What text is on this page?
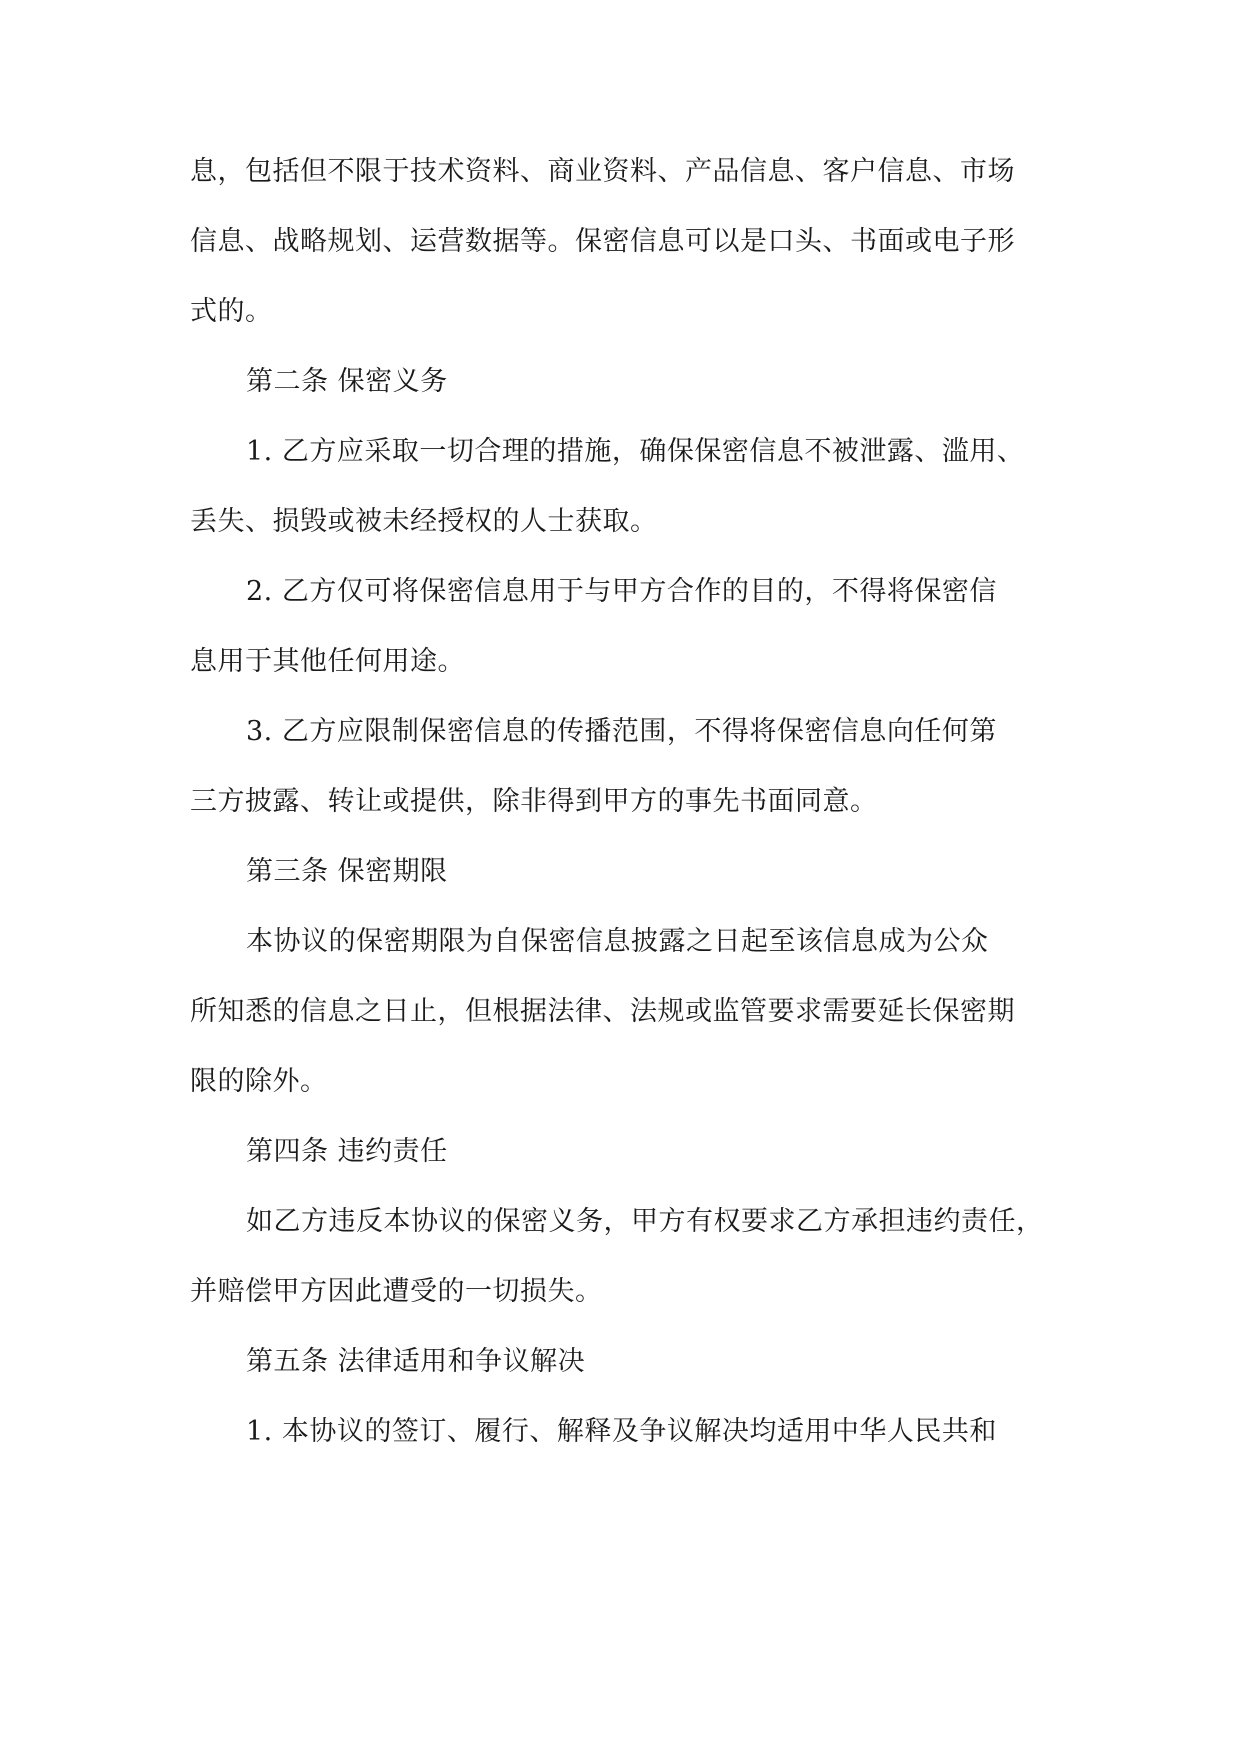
息，包括但不限于技术资料、商业资料、产品信息、客户信息、市场
信息、战略规划、运营数据等。保密信息可以是口头、书面或电子形
式的。
第二条 保密义务
1. 乙方应采取一切合理的措施，确保保密信息不被泄露、滥用、
丢失、损毁或被未经授权的人士获取。
2. 乙方仅可将保密信息用于与甲方合作的目的，不得将保密信
息用于其他任何用途。
3. 乙方应限制保密信息的传播范围，不得将保密信息向任何第
三方披露、转让或提供，除非得到甲方的事先书面同意。
第三条 保密期限
本协议的保密期限为自保密信息披露之日起至该信息成为公众
所知悉的信息之日止，但根据法律、法规或监管要求需要延长保密期
限的除外。
第四条 违约责任
如乙方违反本协议的保密义务，甲方有权要求乙方承担违约责任，
并赔偿甲方因此遭受的一切损失。
第五条 法律适用和争议解决
1. 本协议的签订、履行、解释及争议解决均适用中华人民共和
